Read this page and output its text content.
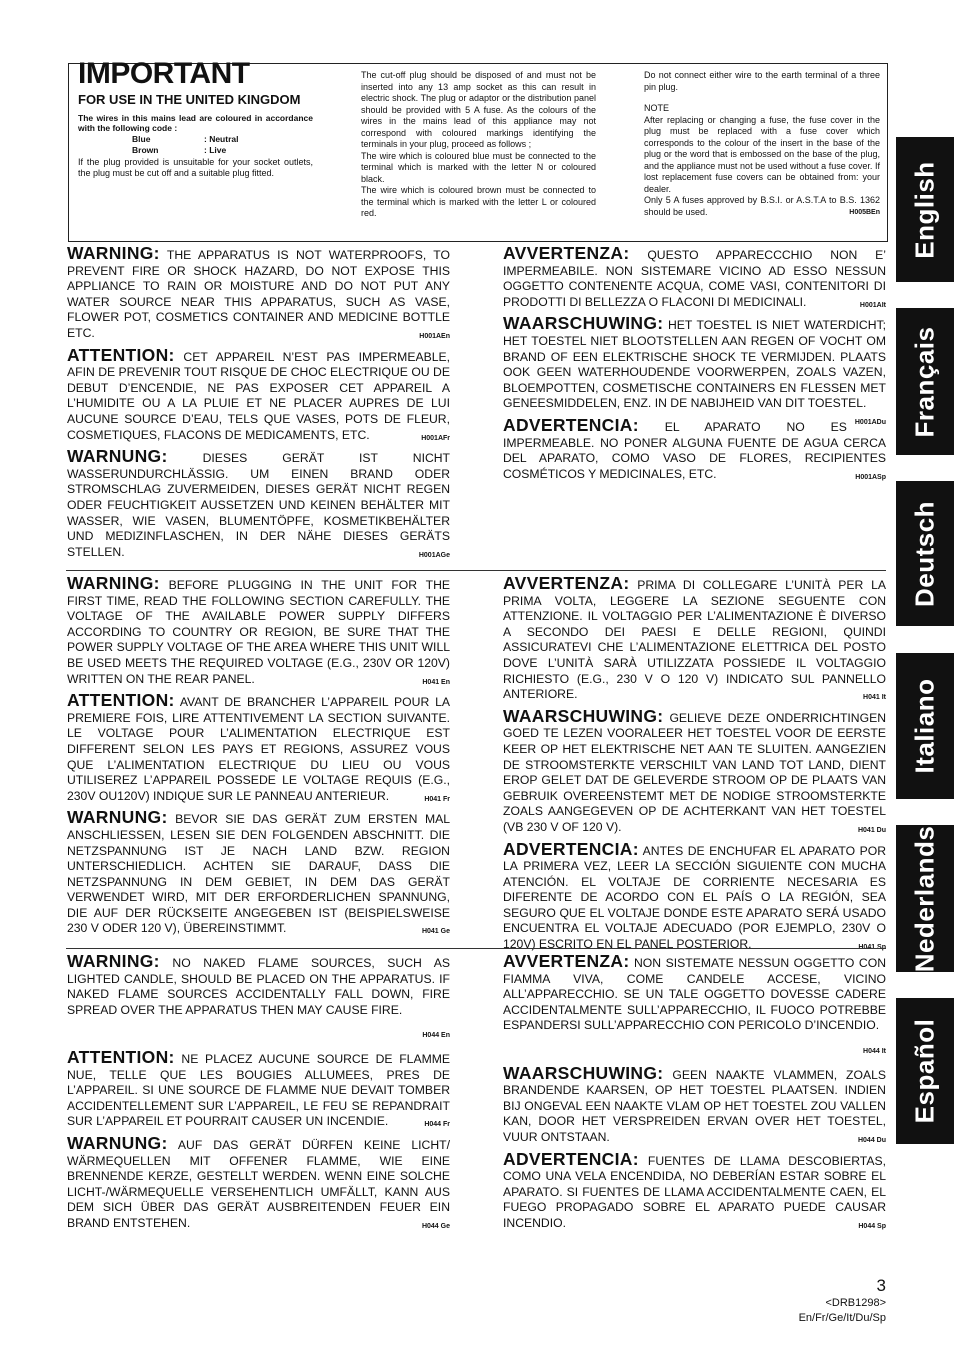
IMPORTANT
FOR USE IN THE UNITED KINGDOM
The wires in this mains lead are coloured in accordance with the following code :
Blue	: Neutral
Brown	: Live
If the plug provided is unsuitable for your socket outlets, the plug must be cut off and a suitable plug fitted.
The cut-off plug should be disposed of and must not be inserted into any 13 amp socket as this can result in electric shock. The plug or adaptor or the distribution panel should be provided with 5 A fuse. As the colours of the wires in the mains lead of this appliance may not correspond with coloured markings identifying the terminals in your plug, proceed as follows ;
The wire which is coloured blue must be connected to the terminal which is marked with the letter N or coloured black.
The wire which is coloured brown must be connected to the terminal which is marked with the letter L or coloured red.
Do not connect either wire to the earth terminal of a three pin plug.
NOTE
After replacing or changing a fuse, the fuse cover in the plug must be replaced with a fuse cover which corresponds to the colour of the insert in the base of the plug or the word that is embossed on the base of the plug, and the appliance must not be used without a fuse cover. If lost replacement fuse covers can be obtained from: your dealer.
Only 5 A fuses approved by B.S.I. or A.S.T.A to B.S. 1362 should be used.	H005BEn English
Français
Deutsch
Italiano
Nederlands
Español

WARNING: THE APPARATUS IS NOT WATERPROOFS, TO PREVENT FIRE OR SHOCK HAZARD, DO NOT EXPOSE THIS APPLIANCE TO RAIN OR MOISTURE AND DO NOT PUT ANY WATER SOURCE NEAR THIS APPARATUS, SUCH AS VASE, FLOWER POT, COSMETICS CONTAINER AND MEDICINE BOTTLE ETC.	H001AEn

ATTENTION: CET APPAREIL N’EST PAS IMPERMEABLE, AFIN DE PREVENIR TOUT RISQUE DE CHOC ELECTRIQUE OU DE DEBUT D’ENCENDIE, NE PAS EXPOSER CET APPAREIL A L’HUMIDITE OU A LA PLUIE ET NE PLACER AUPRES DE LUI AUCUNE SOURCE D’EAU, TELS QUE VASES, POTS DE FLEUR, COSMETIQUES, FLACONS DE MEDICAMENTS, ETC.	H001AFr

WARNUNG:	DIESES GERÄT IST NICHT WASSERUNDURCHLÄSSIG. UM EINEN BRAND ODER STROMSCHLAG ZUVERMEIDEN, DIESES GERÄT NICHT REGEN ODER FEUCHTIGKEIT AUSSETZEN UND KEINEN BEHÄLTER MIT WASSER, WIE VASEN, BLUMENTÖPFE, KOSMETIKBEHÄLTER UND MEDIZINFLASCHEN, IN DER NÄHE DIESES GERÄTS STELLEN.	H001AGe

AVVERTENZA: QUESTO APPARECCCHIO NON E’ IMPERMEABILE. NON SISTEMARE VICINO AD ESSO NESSUN OGGETTO CONTENENTE ACQUA, COME VASI, CONTENITORI DI PRODOTTI DI BELLEZZA O FLACONI DI MEDICINALI.	H001AIt

WAARSCHUWING: HET TOESTEL IS NIET WATERDICHT; HET TOESTEL NIET BLOOTSTELLEN AAN REGEN OF VOCHT OM BRAND OF EEN ELEKTRISCHE SHOCK TE VERMIJDEN. PLAATS OOK GEEN WATERHOUDENDE VOORWERPEN, ZOALS VAZEN, BLOEMPOTTEN, COSMETISCHE CONTAINERS EN FLESSEN MET GENEESMIDDELEN, ENZ. IN DE NABIJHEID VAN DIT TOESTEL.
H001ADu

ADVERTENCIA: EL APARATO NO ES IMPERMEABLE. NO PONER ALGUNA FUENTE DE AGUA CERCA DEL APARATO, COMO VASO DE FLORES, RECIPIENTES COSMÉTICOS Y MEDICINALES, ETC.	H001ASp

WARNING: BEFORE PLUGGING IN THE UNIT FOR THE FIRST TIME, READ THE FOLLOWING SECTION CAREFULLY. THE VOLTAGE OF THE AVAILABLE POWER SUPPLY DIFFERS ACCORDING TO COUNTRY OR REGION, BE SURE THAT THE POWER SUPPLY VOLTAGE OF THE AREA WHERE THIS UNIT WILL BE USED MEETS THE REQUIRED VOLTAGE (E.G., 230V OR 120V) WRITTEN ON THE REAR PANEL.	H041 En

ATTENTION: AVANT DE BRANCHER L’APPAREIL POUR LA PREMIERE FOIS, LIRE ATTENTIVEMENT LA SECTION SUIVANTE. LE VOLTAGE POUR L’ALIMENTATION ELECTRIQUE EST DIFFERENT SELON LES PAYS ET REGIONS, ASSUREZ VOUS QUE L’ALIMENTATION ELECTRIQUE DU LIEU OU VOUS UTILISEREZ L’APPAREIL POSSEDE LE VOLTAGE REQUIS (E.G., 230V OU120V) INDIQUE SUR LE PANNEAU ANTERIEUR.	H041 Fr

WARNUNG: BEVOR SIE DAS GERÄT ZUM ERSTEN MAL ANSCHLIESSEN, LESEN SIE DEN FOLGENDEN ABSCHNITT. DIE NETZSPANNUNG IST JE NACH LAND BZW. REGION UNTERSCHIEDLICH. ACHTEN SIE DARAUF, DASS DIE NETZSPANNUNG IN DEM GEBIET, IN DEM DAS GERÄT VERWENDET WIRD, MIT DER ERFORDERLICHEN SPANNUNG, DIE AUF DER RÜCKSEITE ANGEGEBEN IST (BEISPIELSWEISE 230 V ODER 120 V), ÜBEREINSTIMMT.	H041 Ge

AVVERTENZA: PRIMA DI COLLEGARE L’UNITÀ PER LA PRIMA VOLTA, LEGGERE LA SEZIONE SEGUENTE CON ATTENZIONE. IL VOLTAGGIO PER L’ALIMENTAZIONE È DIVERSO A SECONDO DEI PAESI E DELLE REGIONI, QUINDI ASSICURATEVI CHE L’ALIMENTAZIONE ELETTRICA DEL POSTO DOVE L’UNITÀ SARÀ UTILIZZATA POSSIEDE IL VOLTAGGIO RICHIESTO (E.G., 230 V O 120 V) INDICATO SUL PANNELLO ANTERIORE.	H041 It

WAARSCHUWING: GELIEVE DEZE ONDERRICHTINGEN GOED TE LEZEN VOORALEER HET TOESTEL VOOR DE EERSTE KEER OP HET ELEKTRISCHE NET AAN TE SLUITEN. AANGEZIEN DE STROOMSTERKTE VERSCHILT VAN LAND TOT LAND, DIENT EROP GELET DAT DE GELEVERDE STROOM OP DE PLAATS VAN GEBRUIK OVEREENSTEMT MET DE NODIGE STROOMSTERKTE ZOALS AANGEGEVEN OP DE ACHTERKANT VAN HET TOESTEL (VB 230 V OF 120 V).	H041 Du

ADVERTENCIA: ANTES DE ENCHUFAR EL APARATO POR LA PRIMERA VEZ, LEER LA SECCIÓN SIGUIENTE CON MUCHA ATENCIÓN. EL VOLTAJE DE CORRIENTE NECESARIA ES DIFERENTE DE ACORDO CON EL PAÍS O LA REGIÓN, SEA SEGURO QUE EL VOLTAJE DONDE ESTE APARATO SERÁ USADO ENCUENTRA EL VOLTAJE ADECUADO (POR EJEMPLO, 230V O 120V) ESCRITO EN EL PANEL POSTERIOR.	H041 Sp

WARNING: NO NAKED FLAME SOURCES, SUCH AS LIGHTED CANDLE, SHOULD BE PLACED ON THE APPARATUS. IF NAKED FLAME SOURCES ACCIDENTALLY FALL DOWN, FIRE SPREAD OVER THE APPARATUS THEN MAY CAUSE FIRE.
H044 En

ATTENTION: NE PLACEZ AUCUNE SOURCE DE FLAMME NUE, TELLE QUE LES BOUGIES ALLUMEES, PRES DE L’APPAREIL. SI UNE SOURCE DE FLAMME NUE DEVAIT TOMBER ACCIDENTELLEMENT SUR L’APPAREIL, LE FEU SE REPANDRAIT SUR L’APPAREIL ET POURRAIT CAUSER UN INCENDIE.	H044 Fr

WARNUNG: AUF DAS GERÄT DÜRFEN KEINE LICHT/ WÄRMEQUELLEN MIT OFFENER FLAMME, WIE EINE BRENNENDE KERZE, GESTELLT WERDEN. WENN EINE SOLCHE LICHT-/WÄRMEQUELLE VERSEHENTLICH UMFÄLLT, KANN AUS DEM SICH ÜBER DAS GERÄT AUSBREITENDEN FEUER EIN BRAND ENTSTEHEN.	H044 Ge

AVVERTENZA: NON SISTEMATE NESSUN OGGETTO CON FIAMMA VIVA, COME CANDELE ACCESE, VICINO ALL’APPARECCHIO. SE UN TALE OGGETTO DOVESSE CADERE ACCIDENTALMENTE SULL’APPARECCHIO, IL FUOCO POTREBBE ESPANDERSI SULL’APPARECCHIO CON PERICOLO D’INCENDIO.
H044 It

WAARSCHUWING: GEEN NAAKTE VLAMMEN, ZOALS BRANDENDE KAARSEN, OP HET TOESTEL PLAATSEN. INDIEN BIJ ONGEVAL EEN NAAKTE VLAM OP HET TOESTEL ZOU VALLEN KAN, DOOR HET VERSPREIDEN ERVAN OVER HET TOESTEL, VUUR ONTSTAAN.	H044 Du

ADVERTENCIA: FUENTES DE LLAMA DESCOBIERTAS, COMO UNA VELA ENCENDIDA, NO DEBERÍAN ESTAR SOBRE EL APARATO. SI FUENTES DE LLAMA ACCIDENTALMENTE CAEN, EL FUEGO PROPAGADO SOBRE EL APARATO PUEDE CAUSAR INCENDIO.	H044 Sp

3
<DRB1298>
En/Fr/Ge/It/Du/Sp
